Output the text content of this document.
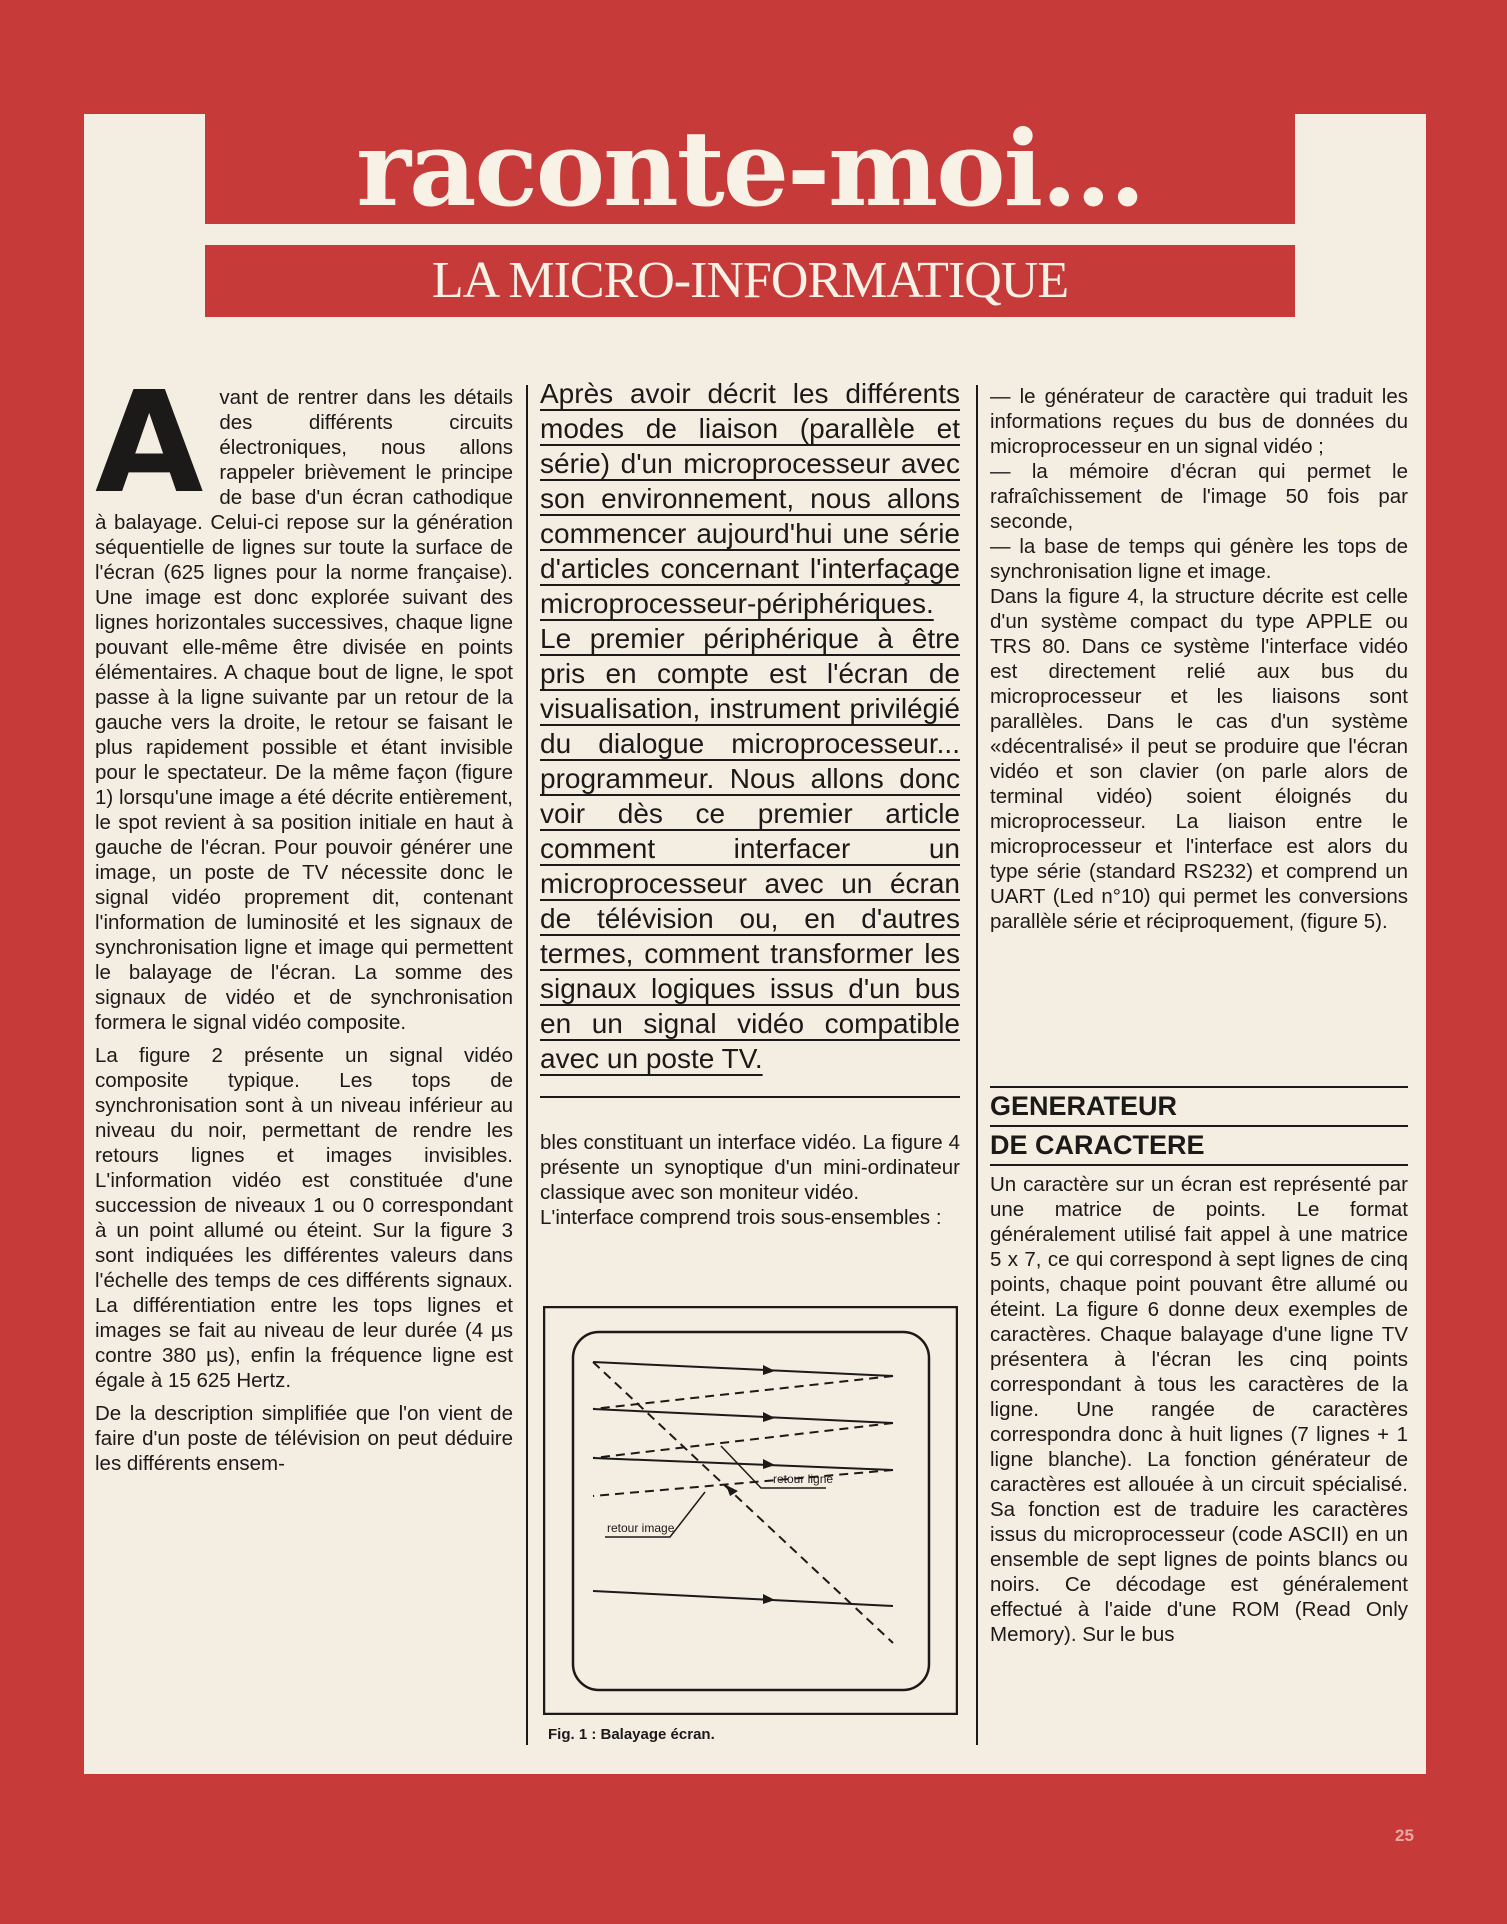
raconte-moi...
LA MICRO-INFORMATIQUE

Avant de rentrer dans les détails des différents circuits électroniques, nous allons rappeler brièvement le principe de base d'un écran cathodique à balayage. Celui-ci repose sur la génération séquentielle de lignes sur toute la surface de l'écran (625 lignes pour la norme française). Une image est donc explorée suivant des lignes horizontales successives, chaque ligne pouvant elle-même être divisée en points élémentaires. A chaque bout de ligne, le spot passe à la ligne suivante par un retour de la gauche vers la droite, le retour se faisant le plus rapidement possible et étant invisible pour le spectateur. De la même façon (figure 1) lorsqu'une image a été décrite entièrement, le spot revient à sa position initiale en haut à gauche de l'écran. Pour pouvoir générer une image, un poste de TV nécessite donc le signal vidéo proprement dit, contenant l'information de luminosité et les signaux de synchronisation ligne et image qui permettent le balayage de l'écran. La somme des signaux de vidéo et de synchronisation formera le signal vidéo composite.

La figure 2 présente un signal vidéo composite typique. Les tops de synchronisation sont à un niveau inférieur au niveau du noir, permettant de rendre les retours lignes et images invisibles. L'information vidéo est constituée d'une succession de niveaux 1 ou 0 correspondant à un point allumé ou éteint. Sur la figure 3 sont indiquées les différentes valeurs dans l'échelle des temps de ces différents signaux. La différentiation entre les tops lignes et images se fait au niveau de leur durée (4 µs contre 380 µs), enfin la fréquence ligne est égale à 15 625 Hertz.

De la description simplifiée que l'on vient de faire d'un poste de télévision on peut déduire les différents ensem-

Après avoir décrit les différents modes de liaison (parallèle et série) d'un microprocesseur avec son environnement, nous allons commencer aujourd'hui une série d'articles concernant l'interfaçage microprocesseur-périphériques. Le premier périphérique à être pris en compte est l'écran de visualisation, instrument privilégié du dialogue microprocesseur... programmeur. Nous allons donc voir dès ce premier article comment interfacer un microprocesseur avec un écran de télévision ou, en d'autres termes, comment transformer les signaux logiques issus d'un bus en un signal vidéo compatible avec un poste TV.

bles constituant un interface vidéo. La figure 4 présente un synoptique d'un mini-ordinateur classique avec son moniteur vidéo.

L'interface comprend trois sous-ensembles :

retour ligne
retour image
Fig. 1 : Balayage écran.

— le générateur de caractère qui traduit les informations reçues du bus de données du microprocesseur en un signal vidéo ;

— la mémoire d'écran qui permet le rafraîchissement de l'image 50 fois par seconde,

— la base de temps qui génère les tops de synchronisation ligne et image.

Dans la figure 4, la structure décrite est celle d'un système compact du type APPLE ou TRS 80. Dans ce système l'interface vidéo est directement relié aux bus du microprocesseur et les liaisons sont parallèles. Dans le cas d'un système «décentralisé» il peut se produire que l'écran vidéo et son clavier (on parle alors de terminal vidéo) soient éloignés du microprocesseur. La liaison entre le microprocesseur et l'interface est alors du type série (standard RS232) et comprend un UART (Led n°10) qui permet les conversions parallèle série et réciproquement, (figure 5).

GENERATEUR
DE CARACTERE

Un caractère sur un écran est représenté par une matrice de points. Le format généralement utilisé fait appel à une matrice 5 x 7, ce qui correspond à sept lignes de cinq points, chaque point pouvant être allumé ou éteint. La figure 6 donne deux exemples de caractères. Chaque balayage d'une ligne TV présentera à l'écran les cinq points correspondant à tous les caractères de la ligne. Une rangée de caractères correspondra donc à huit lignes (7 lignes + 1 ligne blanche). La fonction générateur de caractères est allouée à un circuit spécialisé. Sa fonction est de traduire les caractères issus du microprocesseur (code ASCII) en un ensemble de sept lignes de points blancs ou noirs. Ce décodage est généralement effectué à l'aide d'une ROM (Read Only Memory). Sur le bus

25
